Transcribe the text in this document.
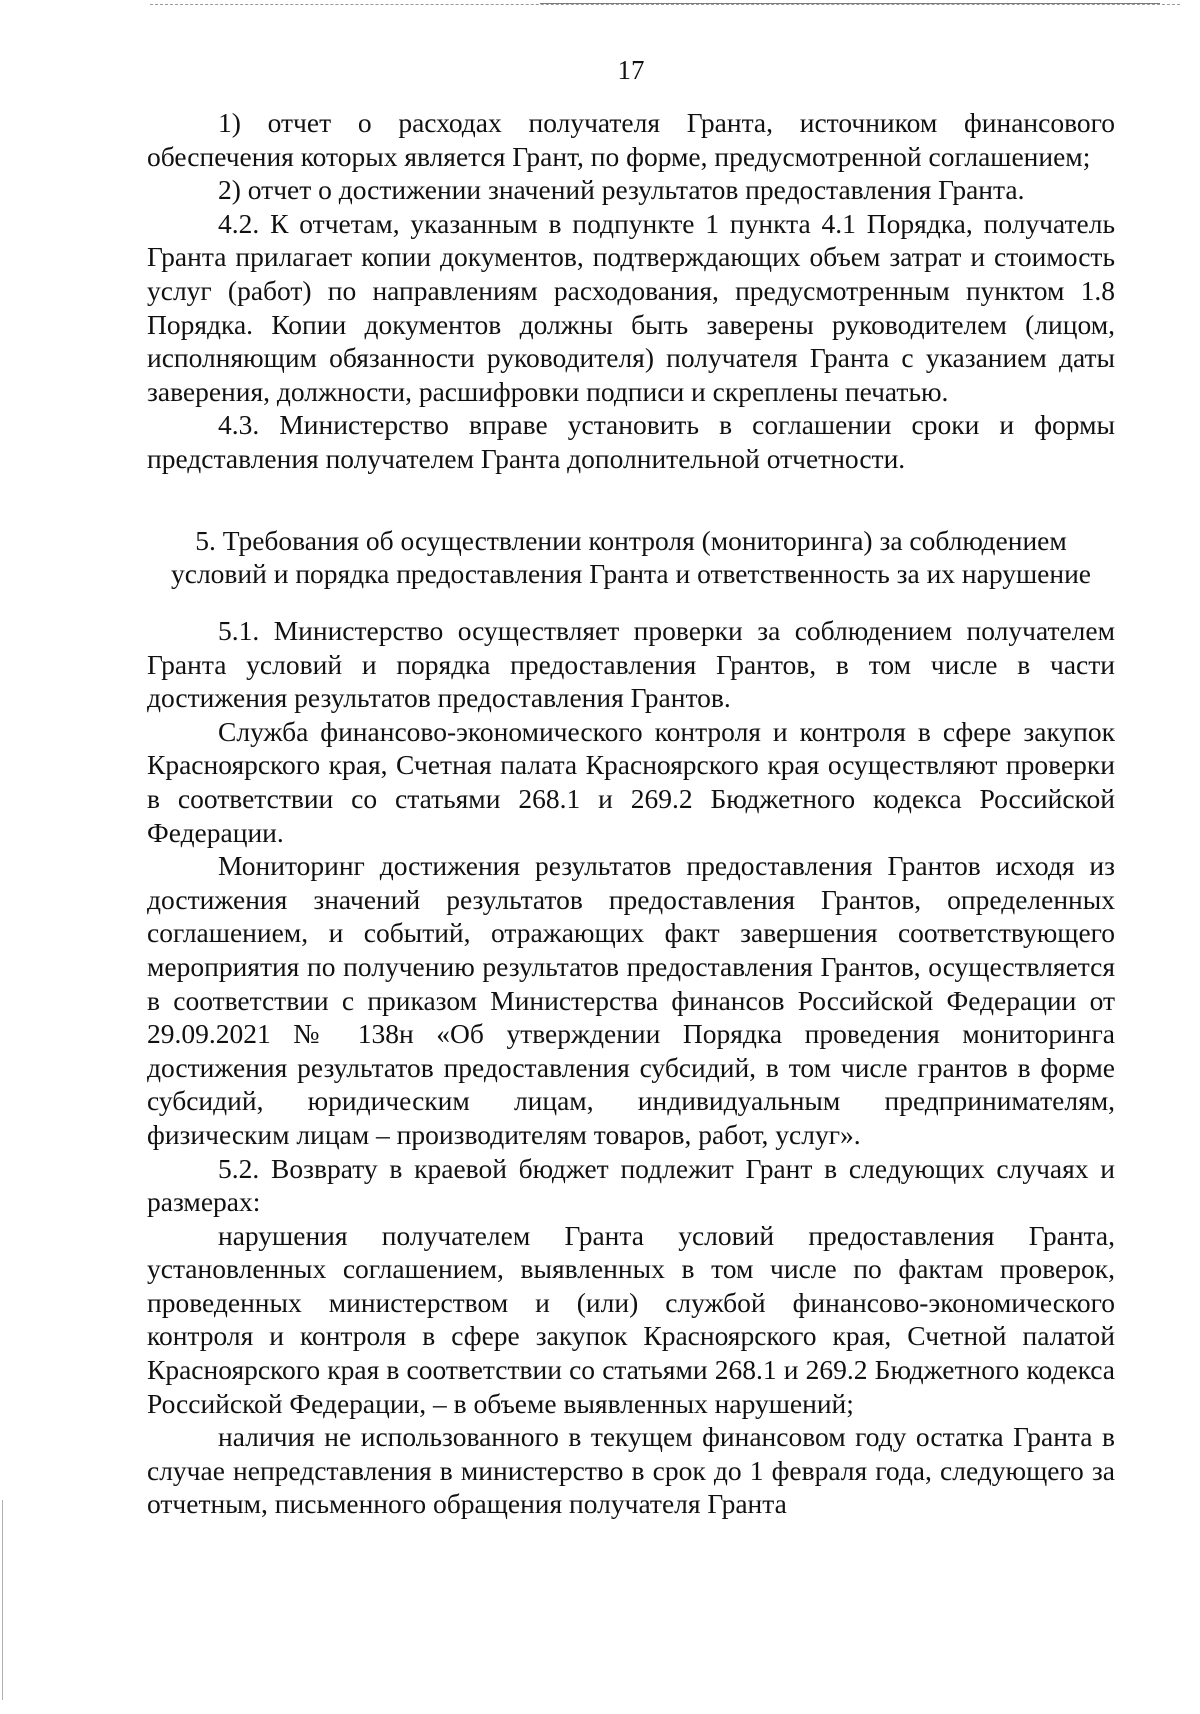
17

1) отчет о расходах получателя Гранта, источником финансового обеспечения которых является Грант, по форме, предусмотренной соглашением;

2) отчет о достижении значений результатов предоставления Гранта.

4.2. К отчетам, указанным в подпункте 1 пункта 4.1 Порядка, получатель Гранта прилагает копии документов, подтверждающих объем затрат и стоимость услуг (работ) по направлениям расходования, предусмотренным пунктом 1.8 Порядка. Копии документов должны быть заверены руководителем (лицом, исполняющим обязанности руководителя) получателя Гранта с указанием даты заверения, должности, расшифровки подписи и скреплены печатью.

4.3. Министерство вправе установить в соглашении сроки и формы представления получателем Гранта дополнительной отчетности.

5. Требования об осуществлении контроля (мониторинга) за соблюдением
условий и порядка предоставления Гранта и ответственность за их нарушение

5.1. Министерство осуществляет проверки за соблюдением получателем Гранта условий и порядка предоставления Грантов, в том числе в части достижения результатов предоставления Грантов.

Служба финансово-экономического контроля и контроля в сфере закупок Красноярского края, Счетная палата Красноярского края осуществляют проверки в соответствии со статьями 268.1 и 269.2 Бюджетного кодекса Российской Федерации.

Мониторинг достижения результатов предоставления Грантов исходя из достижения значений результатов предоставления Грантов, определенных соглашением, и событий, отражающих факт завершения соответствующего мероприятия по получению результатов предоставления Грантов, осуществляется в соответствии с приказом Министерства финансов Российской Федерации от 29.09.2021 № 138н «Об утверждении Порядка проведения мониторинга достижения результатов предоставления субсидий, в том числе грантов в форме субсидий, юридическим лицам, индивидуальным предпринимателям, физическим лицам – производителям товаров, работ, услуг».

5.2. Возврату в краевой бюджет подлежит Грант в следующих случаях и размерах:

нарушения получателем Гранта условий предоставления Гранта, установленных соглашением, выявленных в том числе по фактам проверок, проведенных министерством и (или) службой финансово-экономического контроля и контроля в сфере закупок Красноярского края, Счетной палатой Красноярского края в соответствии со статьями 268.1 и 269.2 Бюджетного кодекса Российской Федерации, – в объеме выявленных нарушений;

наличия не использованного в текущем финансовом году остатка Гранта в случае непредставления в министерство в срок до 1 февраля года, следующего за отчетным, письменного обращения получателя Гранта
